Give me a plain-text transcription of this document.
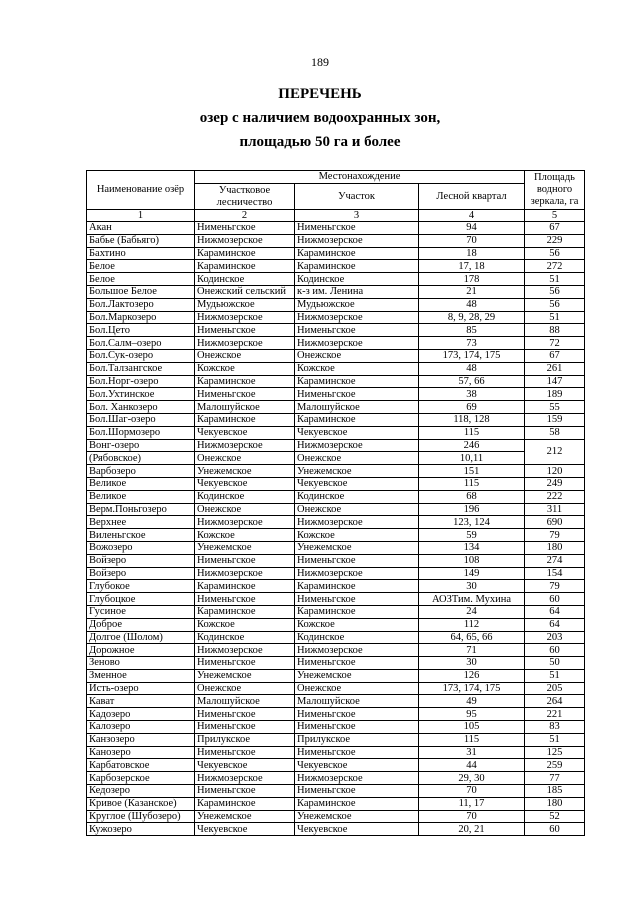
189
ПЕРЕЧЕНЬ
озер с наличием водоохранных зон,
площадью 50 га и более
Наименование озёр	Местонахождение			Площадь водного зеркала, га
	Участковое лесничество	Участок	Лесной квартал	
1	2	3	4	5
Акан	Нименьгское	Нименьгское	94	67
Бабье (Бабьяго)	Нижмозерское	Нижмозерское	70	229
Бахтино	Караминское	Караминское	18	56
Белое	Караминское	Караминское	17, 18	272
Белое	Кодинское	Кодинское	178	51
Большое Белое	Онежский сельский	к-з им. Ленина	21	56
Бол.Лактозеро	Мудьюжское	Мудьюжское	48	56
Бол.Маркозеро	Нижмозерское	Нижмозерское	8, 9, 28, 29	51
Бол.Цето	Нименьгское	Нименьгское	85	88
Бол.Салм–озеро	Нижмозерское	Нижмозерское	73	72
Бол.Сук-озеро	Онежское	Онежское	173, 174, 175	67
Бол.Талзангское	Кожское	Кожское	48	261
Бол.Норг-озеро	Караминское	Караминское	57, 66	147
Бол.Ухтинское	Нименьгское	Нименьгское	38	189
Бол. Ханкозеро	Малошуйское	Малошуйское	69	55
Бол.Шаг-озеро	Караминское	Караминское	118, 128	159
Бол.Шормозеро	Чекуевское	Чекуевское	115	58
Вонг-озеро	Нижмозерское	Нижмозерское	246	212
(Рябовское)	Онежское	Онежское	10,11	
Варбозеро	Унежемское	Унежемское	151	120
Великое	Чекуевское	Чекуевское	115	249
Великое	Кодинское	Кодинское	68	222
Верм.Поньгозеро	Онежское	Онежское	196	311
Верхнее	Нижмозерское	Нижмозерское	123, 124	690
Виленьгское	Кожское	Кожское	59	79
Вожозеро	Унежемское	Унежемское	134	180
Войзеро	Нименьгское	Нименьгское	108	274
Войзеро	Нижмозерское	Нижмозерское	149	154
Глубокое	Караминское	Караминское	30	79
Глубоцкое	Нименьгское	Нименьгское	АОЗТим. Мухина	60
Гусиное	Караминское	Караминское	24	64
Доброе	Кожское	Кожское	112	64
Долгое (Шолом)	Кодинское	Кодинское	64, 65, 66	203
Дорожное	Нижмозерское	Нижмозерское	71	60
Зеново	Нименьгское	Нименьгское	30	50
Зменное	Унежемское	Унежемское	126	51
Исть-озеро	Онежское	Онежское	173, 174, 175	205
Кават	Малошуйское	Малошуйское	49	264
Кадозеро	Нименьгское	Нименьгское	95	221
Калозеро	Нименьгское	Нименьгское	105	83
Канзозеро	Прилукское	Прилукское	115	51
Канозеро	Нименьгское	Нименьгское	31	125
Карбатовское	Чекуевское	Чекуевское	44	259
Карбозерское	Нижмозерское	Нижмозерское	29, 30	77
Кедозеро	Нименьгское	Нименьгское	70	185
Кривое (Казанское)	Караминское	Караминское	11, 17	180
Круглое (Шубозеро)	Унежемское	Унежемское	70	52
Кужозеро	Чекуевское	Чекуевское	20, 21	60
